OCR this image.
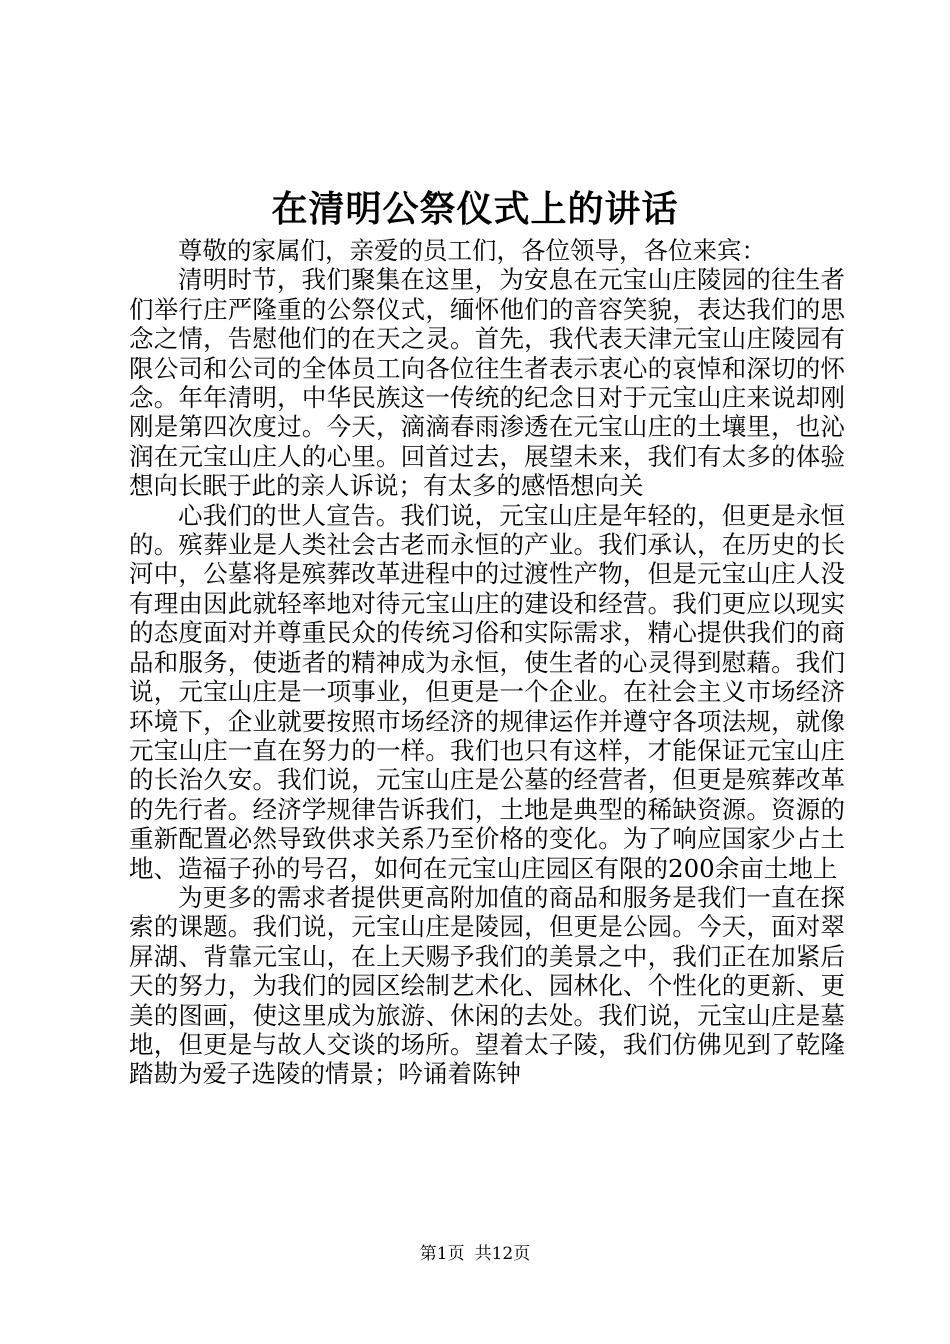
在清明公祭仪式上的讲话

尊敬的家属们，亲爱的员工们，各位领导，各位来宾：

清明时节，我们聚集在这里，为安息在元宝山庄陵园的往生者们举行庄严隆重的公祭仪式，缅怀他们的音容笑貌，表达我们的思念之情，告慰他们的在天之灵。首先，我代表天津元宝山庄陵园有限公司和公司的全体员工向各位往生者表示衷心的哀悼和深切的怀念。年年清明，中华民族这一传统的纪念日对于元宝山庄来说却刚刚是第四次度过。今天，滴滴春雨渗透在元宝山庄的土壤里，也沁润在元宝山庄人的心里。回首过去，展望未来，我们有太多的体验想向长眠于此的亲人诉说；有太多的感悟想向关

心我们的世人宣告。我们说，元宝山庄是年轻的，但更是永恒的。殡葬业是人类社会古老而永恒的产业。我们承认，在历史的长河中，公墓将是殡葬改革进程中的过渡性产物，但是元宝山庄人没有理由因此就轻率地对待元宝山庄的建设和经营。我们更应以现实的态度面对并尊重民众的传统习俗和实际需求，精心提供我们的商品和服务，使逝者的精神成为永恒，使生者的心灵得到慰藉。我们说，元宝山庄是一项事业，但更是一个企业。在社会主义市场经济环境下，企业就要按照市场经济的规律运作并遵守各项法规，就像元宝山庄一直在努力的一样。我们也只有这样，才能保证元宝山庄的长治久安。我们说，元宝山庄是公墓的经营者，但更是殡葬改革的先行者。经济学规律告诉我们，土地是典型的稀缺资源。资源的重新配置必然导致供求关系乃至价格的变化。为了响应国家少占土地、造福子孙的号召，如何在元宝山庄园区有限的200余亩土地上

为更多的需求者提供更高附加值的商品和服务是我们一直在探索的课题。我们说，元宝山庄是陵园，但更是公园。今天，面对翠屏湖、背靠元宝山，在上天赐予我们的美景之中，我们正在加紧后天的努力，为我们的园区绘制艺术化、园林化、个性化的更新、更美的图画，使这里成为旅游、休闲的去处。我们说，元宝山庄是墓地，但更是与故人交谈的场所。望着太子陵，我们仿佛见到了乾隆踏勘为爱子选陵的情景；吟诵着陈钟

第1页 共12页
